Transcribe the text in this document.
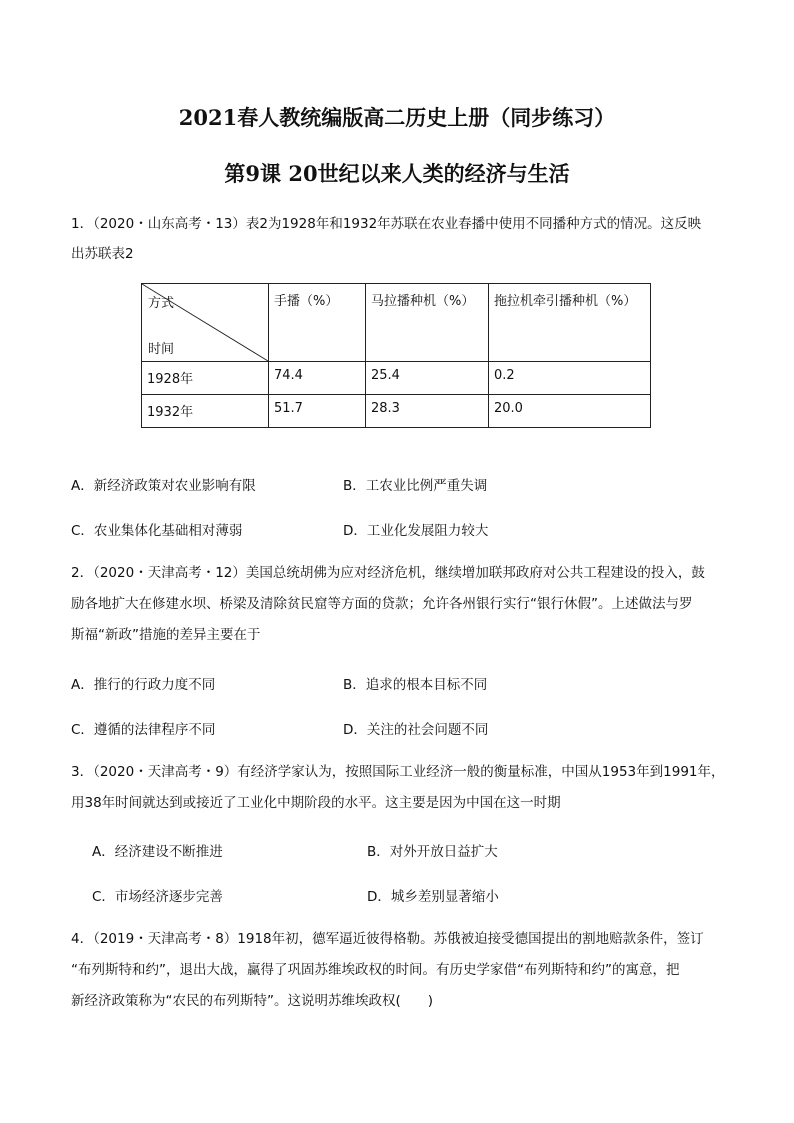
2021春人教统编版高二历史上册（同步练习）
第9课 20世纪以来人类的经济与生活
1．（2020・山东高考・13）表2为1928年和1932年苏联在农业春播中使用不同播种方式的情况。这反映
出苏联表2
方式
时间	手播（%）	马拉播种机（%）	拖拉机牵引播种机（%）
1928年	74.4	25.4	0.2
1932年	51.7	28.3	20.0
A．新经济政策对农业影响有限	B．工农业比例严重失调
C．农业集体化基础相对薄弱	D．工业化发展阻力较大
2．（2020・天津高考・12）美国总统胡佛为应对经济危机，继续增加联邦政府对公共工程建设的投入，鼓
励各地扩大在修建水坝、桥梁及清除贫民窟等方面的贷款；允许各州银行实行“银行休假”。上述做法与罗
斯福“新政”措施的差异主要在于
A．推行的行政力度不同	B．追求的根本目标不同
C．遵循的法律程序不同	D．关注的社会问题不同
3．（2020・天津高考・9）有经济学家认为，按照国际工业经济一般的衡量标准，中国从1953年到1991年，
用38年时间就达到或接近了工业化中期阶段的水平。这主要是因为中国在这一时期
A．经济建设不断推进	B．对外开放日益扩大
C．市场经济逐步完善	D．城乡差别显著缩小
4．（2019・天津高考・8）1918年初，德军逼近彼得格勒。苏俄被迫接受德国提出的割地赔款条件，签订
“布列斯特和约”，退出大战，赢得了巩固苏维埃政权的时间。有历史学家借“布列斯特和约”的寓意，把
新经济政策称为“农民的布列斯特”。这说明苏维埃政权(　　)
